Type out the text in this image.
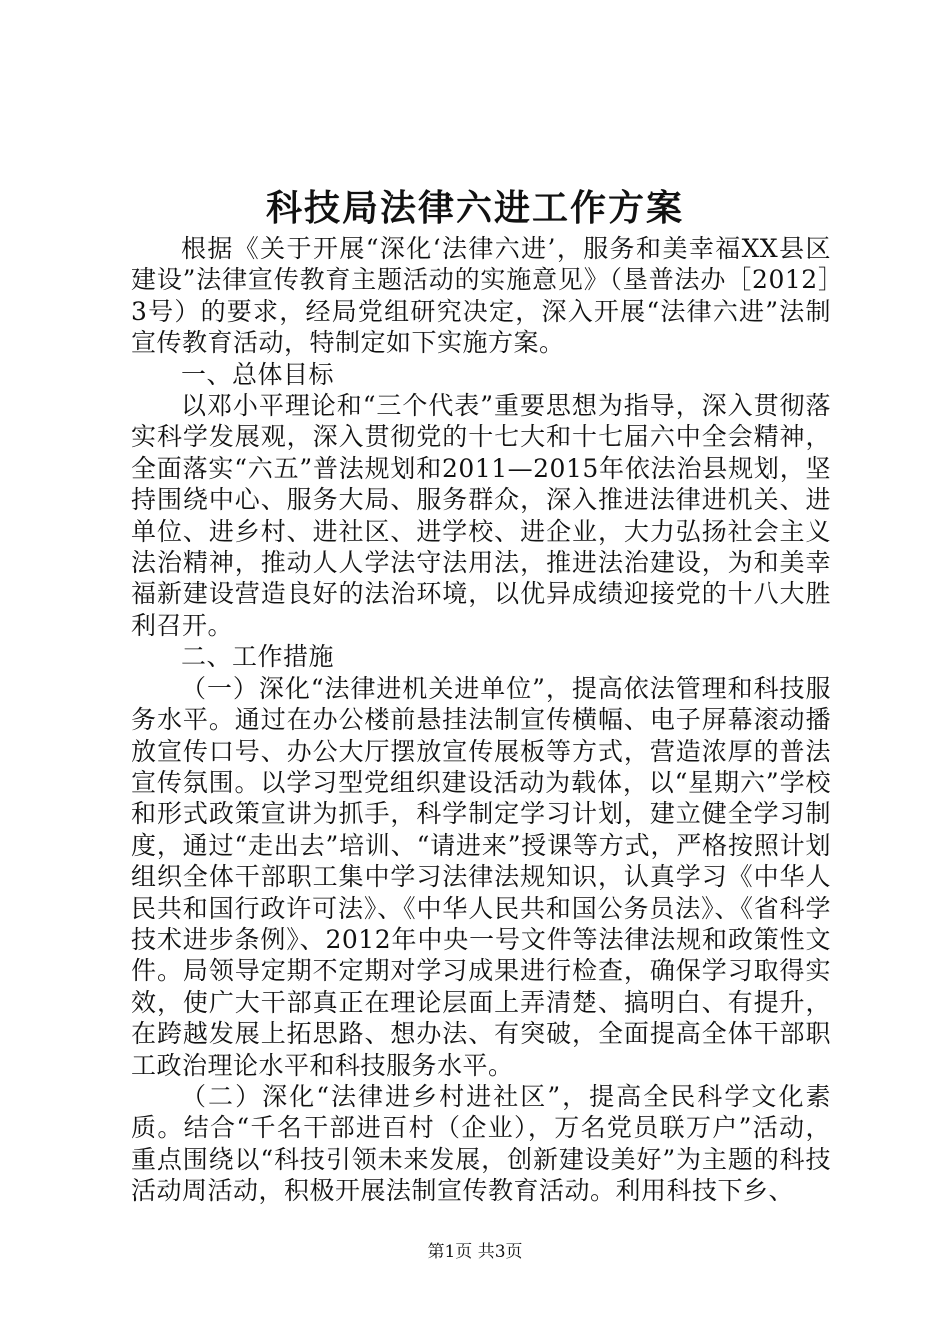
科技局法律六进工作方案

根据《关于开展“深化‘法律六进’，服务和美幸福XX县区建设”法律宣传教育主题活动的实施意见》（垦普法办［2012］3号）的要求，经局党组研究决定，深入开展“法律六进”法制宣传教育活动，特制定如下实施方案。

一、总体目标

以邓小平理论和“三个代表”重要思想为指导，深入贯彻落实科学发展观，深入贯彻党的十七大和十七届六中全会精神，全面落实“六五”普法规划和2011—2015年依法治县规划，坚持围绕中心、服务大局、服务群众，深入推进法律进机关、进单位、进乡村、进社区、进学校、进企业，大力弘扬社会主义法治精神，推动人人学法守法用法，推进法治建设，为和美幸福新建设营造良好的法治环境，以优异成绩迎接党的十八大胜利召开。

二、工作措施

（一）深化“法律进机关进单位”，提高依法管理和科技服务水平。通过在办公楼前悬挂法制宣传横幅、电子屏幕滚动播放宣传口号、办公大厅摆放宣传展板等方式，营造浓厚的普法宣传氛围。以学习型党组织建设活动为载体，以“星期六”学校和形式政策宣讲为抓手，科学制定学习计划，建立健全学习制度，通过“走出去”培训、“请进来”授课等方式，严格按照计划组织全体干部职工集中学习法律法规知识，认真学习《中华人民共和国行政许可法》、《中华人民共和国公务员法》、《省科学技术进步条例》、2012年中央一号文件等法律法规和政策性文件。局领导定期不定期对学习成果进行检查，确保学习取得实效，使广大干部真正在理论层面上弄清楚、搞明白、有提升，在跨越发展上拓思路、想办法、有突破，全面提高全体干部职工政治理论水平和科技服务水平。

（二）深化“法律进乡村进社区”，提高全民科学文化素质。结合“千名干部进百村（企业），万名党员联万户”活动，重点围绕以“科技引领未来发展，创新建设美好”为主题的科技活动周活动，积极开展法制宣传教育活动。利用科技下乡、

第1页 共3页
